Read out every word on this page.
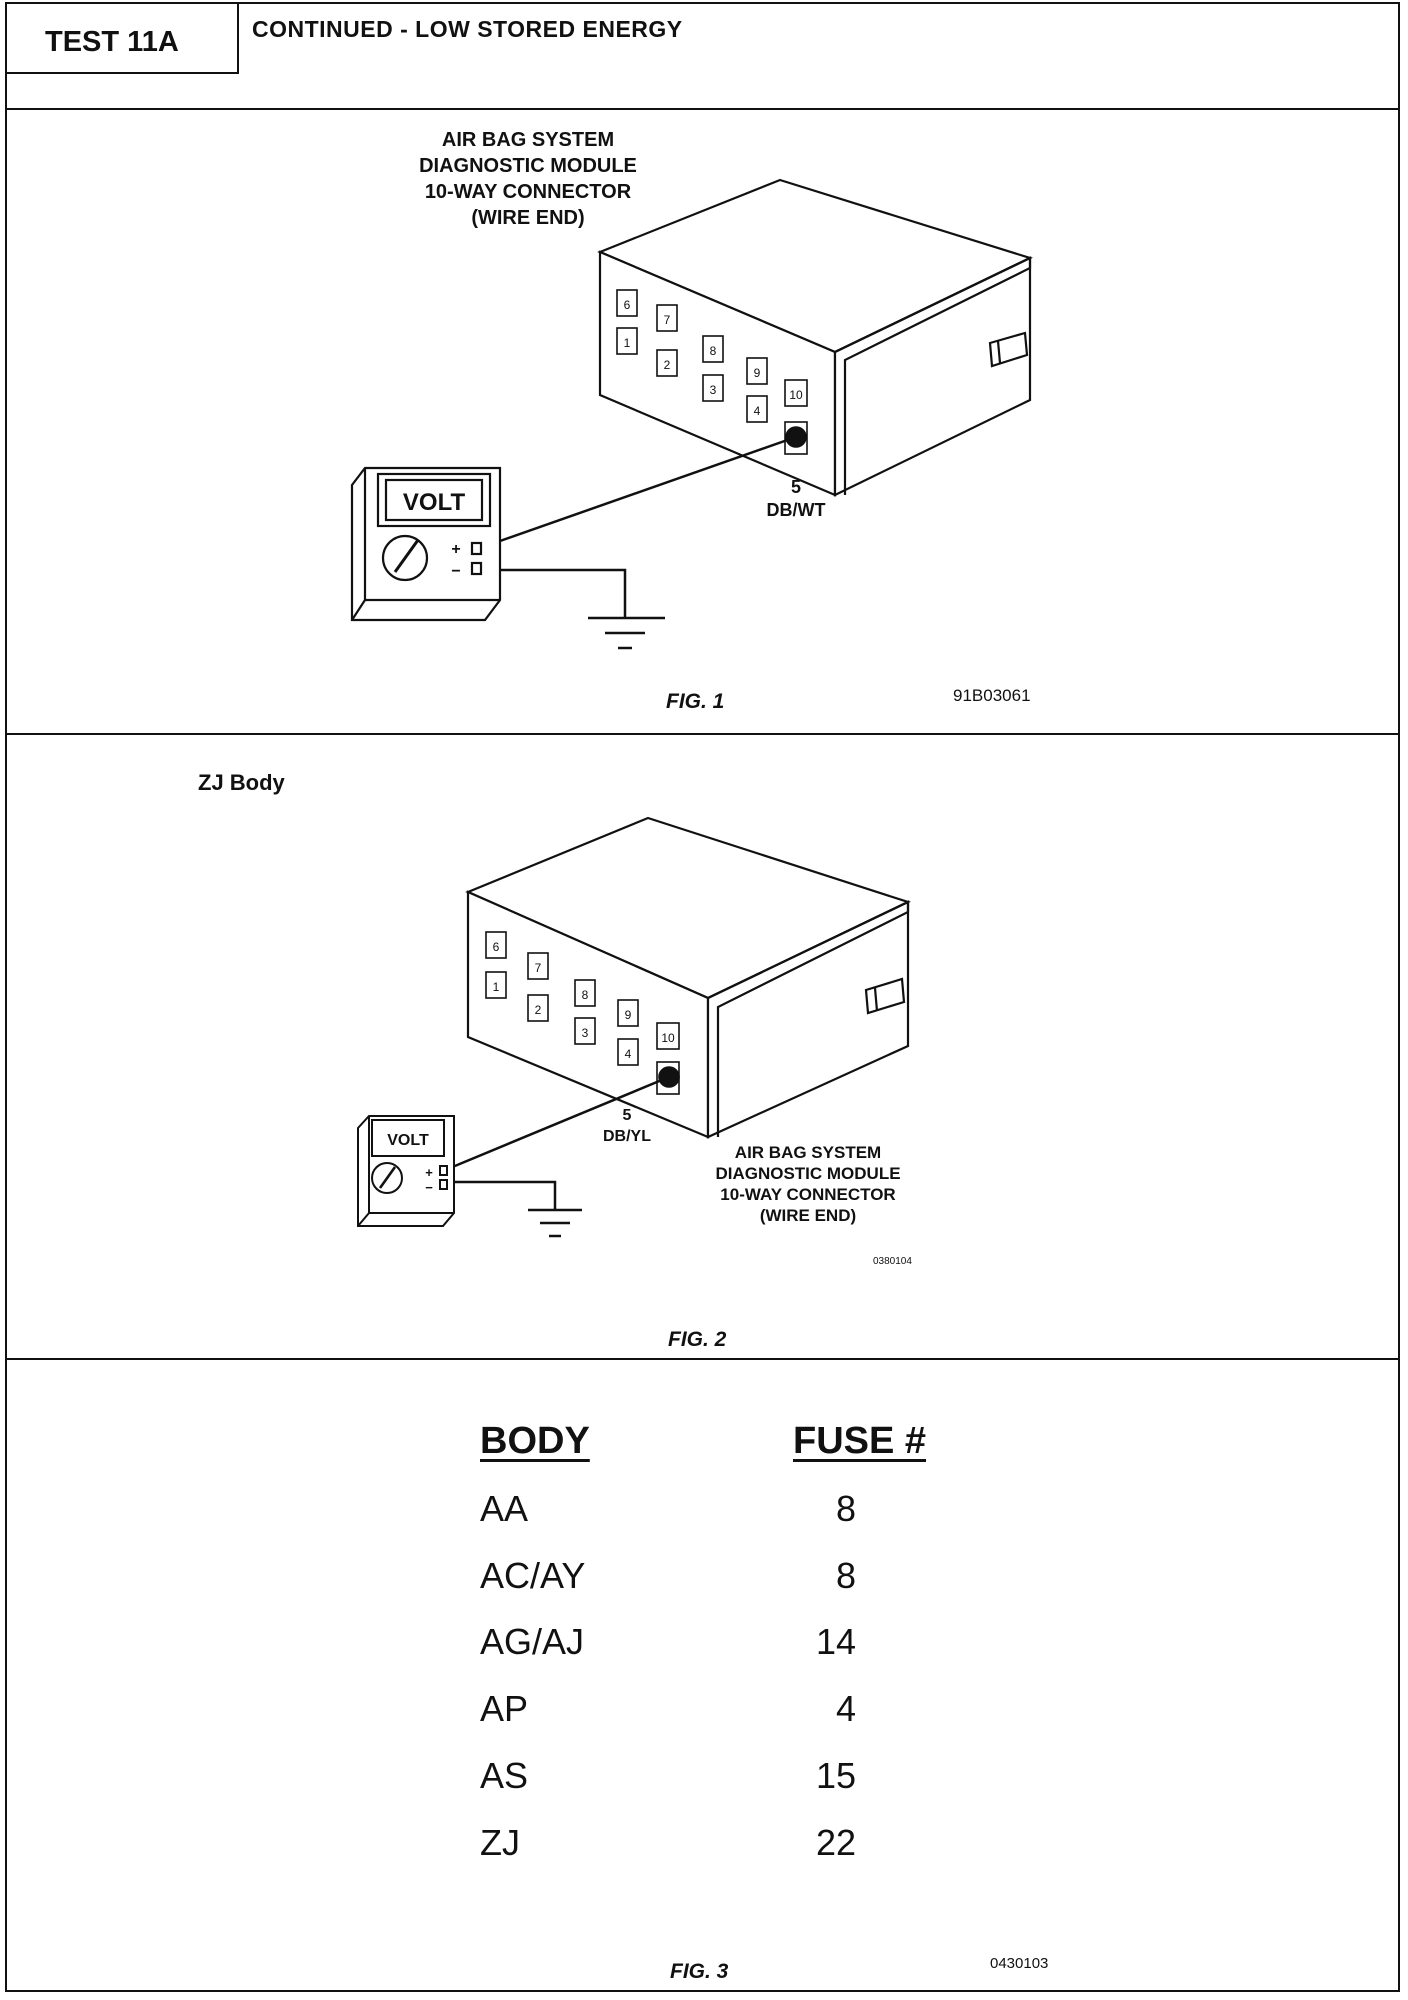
TEST 11A	CONTINUED - LOW STORED ENERGY
AIR BAG SYSTEM
DIAGNOSTIC MODULE
10-WAY CONNECTOR
(WIRE END)
6
7
8
9
10
1
2
3
4
5
DB/WT
VOLT
+
−
FIG. 1	91B03061
ZJ Body
6
7
8
9
10
1
2
3
4
5
DB/YL
AIR BAG SYSTEM
DIAGNOSTIC MODULE
10-WAY CONNECTOR
(WIRE END)
VOLT
+
−
0380104
FIG. 2
BODY	FUSE #
AA	8
AC/AY	8
AG/AJ	14
AP	4
AS	15
ZJ	22
FIG. 3	0430103
